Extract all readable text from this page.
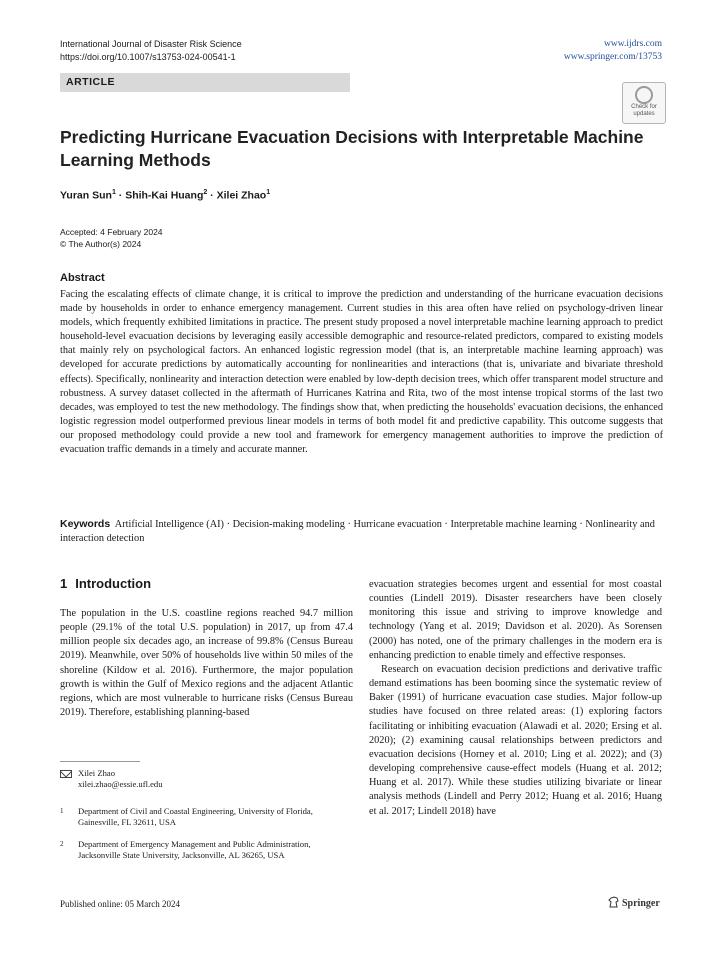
International Journal of Disaster Risk Science
https://doi.org/10.1007/s13753-024-00541-1
www.ijdrs.com
www.springer.com/13753
ARTICLE
Check for updates
Predicting Hurricane Evacuation Decisions with Interpretable Machine Learning Methods
Yuran Sun$^1$ · Shih-Kai Huang$^2$ · Xilei Zhao$^1$
Accepted: 4 February 2024
© The Author(s) 2024
Abstract

Facing the escalating effects of climate change, it is critical to improve the prediction and understanding of the hurricane evacuation decisions made by households in order to enhance emergency management. Current studies in this area often have relied on psychology-driven linear models, which frequently exhibited limitations in practice. The present study proposed a novel interpretable machine learning approach to predict household-level evacuation decisions by leveraging easily accessible demographic and resource-related predictors, compared to existing models that mainly rely on psychological factors. An enhanced logistic regression model (that is, an interpretable machine learning approach) was developed for accurate predictions by automatically accounting for nonlinearities and interactions (that is, univariate and bivariate threshold effects). Specifically, nonlinearity and interaction detection were enabled by low-depth decision trees, which offer transparent model structure and robustness. A survey dataset collected in the aftermath of Hurricanes Katrina and Rita, two of the most intense tropical storms of the last two decades, was employed to test the new methodology. The findings show that, when predicting the households' evacuation decisions, the enhanced logistic regression model outperformed previous linear models in terms of both model fit and predictive capability. This outcome suggests that our proposed methodology could provide a new tool and framework for emergency management authorities to improve the prediction of evacuation traffic demands in a timely and accurate manner.

Keywords Artificial Intelligence (AI) · Decision-making modeling · Hurricane evacuation · Interpretable machine learning · Nonlinearity and interaction detection

1 Introduction

The population in the U.S. coastline regions reached 94.7 million people (29.1% of the total U.S. population) in 2017, up from 47.4 million people six decades ago, an increase of 99.8% (Census Bureau 2019). Meanwhile, over 50% of households live within 50 miles of the shoreline (Kildow et al. 2016). Furthermore, the major population growth is within the Gulf of Mexico regions and the adjacent Atlantic regions, which are most vulnerable to hurricane risks (Census Bureau 2019). Therefore, establishing planning-based

evacuation strategies becomes urgent and essential for most coastal counties (Lindell 2019). Disaster researchers have been closely monitoring this issue and striving to improve knowledge and technology (Yang et al. 2019; Davidson et al. 2020). As Sorensen (2000) has noted, one of the primary challenges in the modern era is enhancing prediction to enable timely and effective responses.

Research on evacuation decision predictions and derivative traffic demand estimations has been booming since the systematic review of Baker (1991) of hurricane evacuation case studies. Major follow-up studies have focused on three related areas: (1) exploring factors facilitating or inhibiting evacuation (Alawadi et al. 2020; Ersing et al. 2020); (2) examining causal relationships between predictors and evacuation decisions (Horney et al. 2010; Ling et al. 2022); and (3) developing comprehensive cause-effect models (Huang et al. 2012; Huang et al. 2017). While these studies utilizing bivariate or linear analysis methods (Lindell and Perry 2012; Huang et al. 2016; Huang et al. 2017; Lindell 2018) have

Xilei Zhao
xilei.zhao@essie.ufl.edu
1	Department of Civil and Coastal Engineering, University of Florida, Gainesville, FL 32611, USA
2	Department of Emergency Management and Public Administration, Jacksonville State University, Jacksonville, AL 36265, USA
Published online: 05 March 2024	Springer
